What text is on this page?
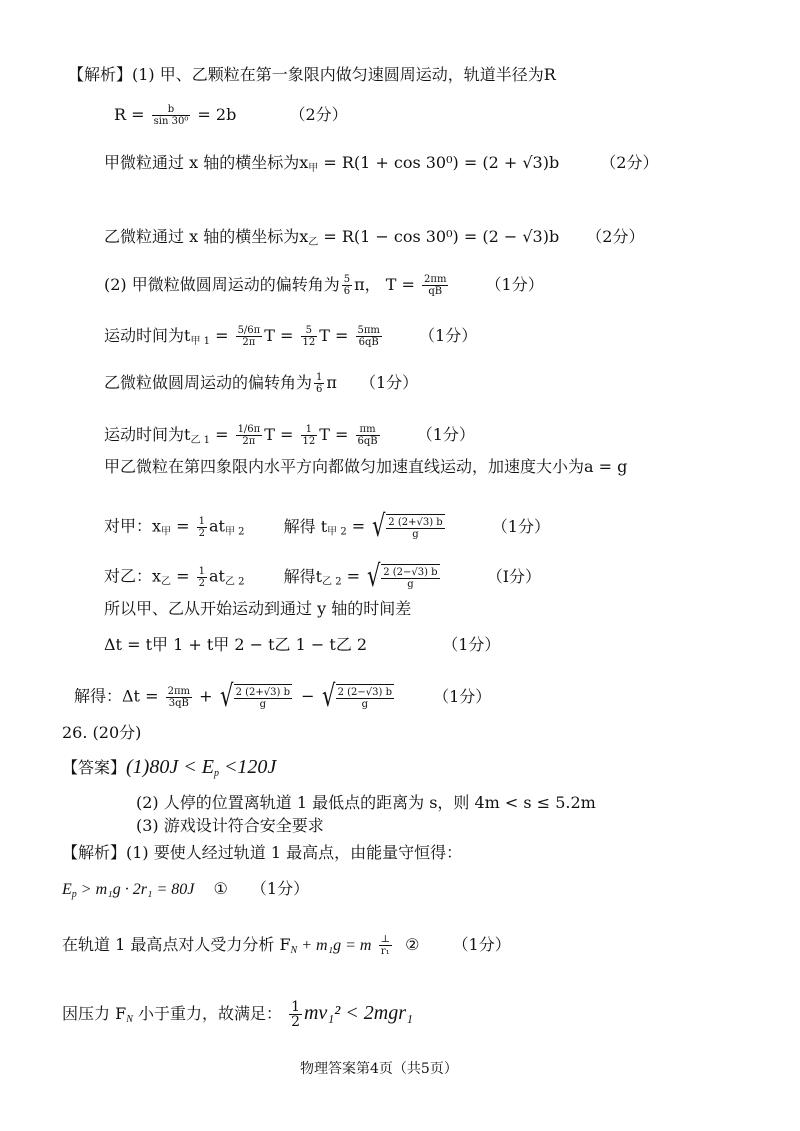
【解析】(1) 甲、乙颗粒在第一象限内做匀速圆周运动，轨道半径为R
$R = \frac{b}{\text{sin 30⁰}} = 2b$	（2分）
甲微粒通过 x 轴的横坐标为$x_甲 = R(1 + \cos 30^0) = (2 + √3)b$	（2分）
乙微粒通过 x 轴的横坐标为$x_乙 = R(1 - \cos 30^0) = (2 - √3)b$ （2分）
(2) 甲微粒做圆周运动的偏转角为 $\frac{5}{6}$ π， $T = \frac{2\pi m}{qB} (1$分）
运动时间为$t_{甲 1} = \frac{5/6\pi}{2\pi}$ $T = \frac{5}{12}$ $T = \frac{5\pi m}{6qB} (1$分）
乙微粒做圆周运动的偏转角为 $\frac{1}{6}$ π （1分）
运动时间为$t_{乙 1} = \frac{1/6\pi}{2\pi}$ $T = \frac{1}{12}$ $T = \frac{\pi m}{6qB} (1$分）
甲乙微粒在第四象限内水平方向都做匀加速直线运动，加速度大小为a = g
对甲：$x_甲 = \frac{1}{2} at_{甲 2}$ 解得 $t_{甲 2}$ = √ $\frac{2 (2+√3) b}{g}$	（1分）
对乙：$x_乙 = \frac{1}{2} at_{乙 2}$ 解得$t_{乙 2}$ = √ $\frac{2 (2-√3) b}{g}$	（Ⅰ分）
所以甲、乙从开始运动到通过 y 轴的时间差
Δt = t甲 1 + t甲 2 − t乙 1 − t乙 2	（1分）
解得：$\Delta t = \frac{2\pi m}{3qB}$ + √ $\frac{2 (2+√3) b}{g}$ − √ $\frac{2 (2-√3) b}{g} (1$分）
26. (20分)
【答案】$(1)80J < E_p <120J$
(2) 人停的位置离轨道 1 最低点的距离为 s，则 4m < s ≤ 5.2m
(3) 游戏设计符合安全要求
【解析】(1) 要使人经过轨道 1 最高点，由能量守恒得：
$E_p > m_1g \cdot 2r_1 = 80J$ ① （1分）
在轨道 1 最高点对人受力分析 $F_N + m_1g = m \frac{\perp}{\text{r₁}}$ ② （1分）
因压力 $F_N$ 小于重力，故满足： $\frac{1}{2} mv_1^2 < 2mgr_1$
物理答案第4页（共5页）
